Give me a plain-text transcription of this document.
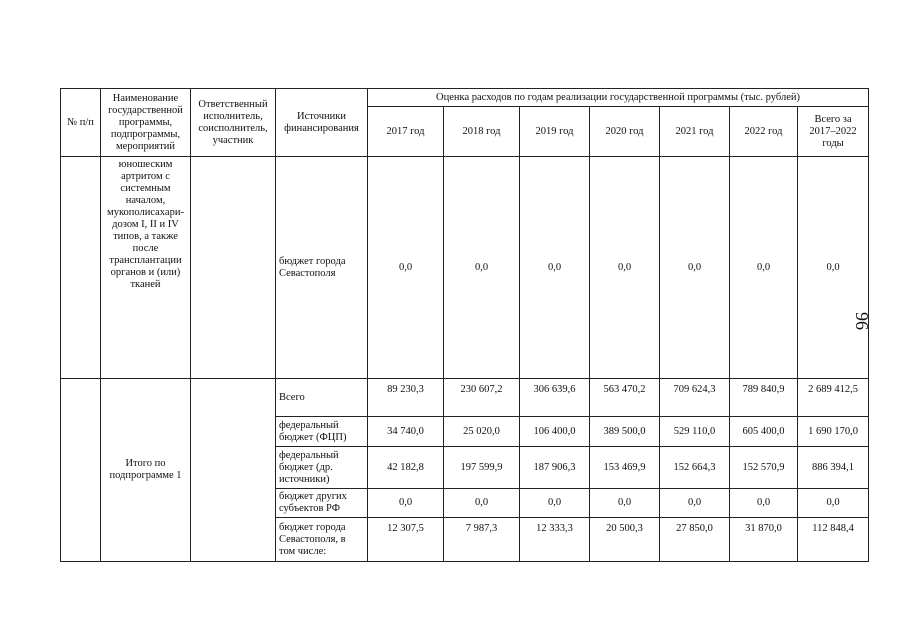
№ п/п	Наименование государственной программы, подпрограммы, мероприятий	Ответственный исполнитель, соисполнитель, участник	Источники финансирования	Оценка расходов по годам реализации государственной программы (тыс. рублей)						
				2017 год	2018 год	2019 год	2020 год	2021 год	2022 год	Всего за 2017–2022 годы
	юношеским артритом с системным началом, мукополисахари-дозом I, II и IV типов, а также после трансплантации органов и (или) тканей		бюджет города Севастополя	0,0	0,0	0,0	0,0	0,0	0,0	0,0
	Итого по подпрограмме 1		Всего	89 230,3	230 607,2	306 639,6	563 470,2	709 624,3	789 840,9	2 689 412,5
			федеральный бюджет (ФЦП)	34 740,0	25 020,0	106 400,0	389 500,0	529 110,0	605 400,0	1 690 170,0
			федеральный бюджет (др. источники)	42 182,8	197 599,9	187 906,3	153 469,9	152 664,3	152 570,9	886 394,1
			бюджет других субъектов РФ	0,0	0,0	0,0	0,0	0,0	0,0	0,0
			бюджет города Севастополя, в том числе:	12 307,5	7 987,3	12 333,3	20 500,3	27 850,0	31 870,0	112 848,4
96
